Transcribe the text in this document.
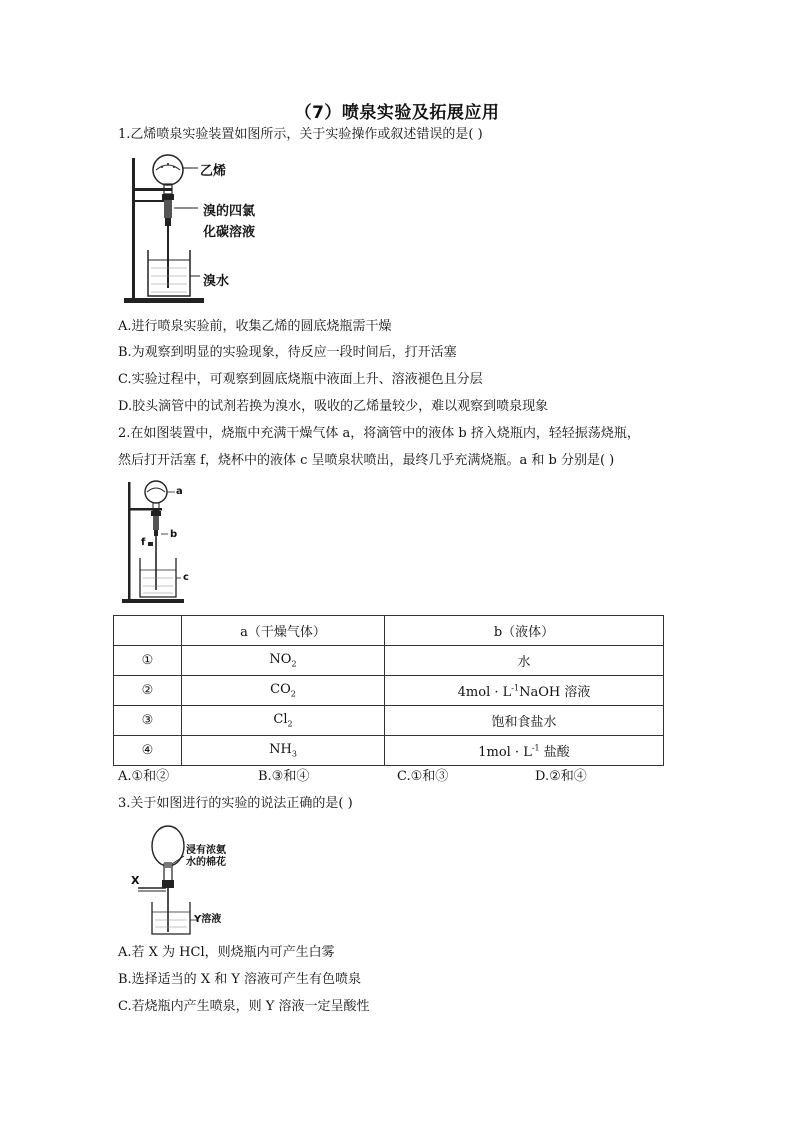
（7）喷泉实验及拓展应用
1.乙烯喷泉实验装置如图所示，关于实验操作或叙述错误的是( )
乙烯
溴的四氯
化碳溶液
溴水
A.进行喷泉实验前，收集乙烯的圆底烧瓶需干燥
B.为观察到明显的实验现象，待反应一段时间后，打开活塞
C.实验过程中，可观察到圆底烧瓶中液面上升、溶液褪色且分层
D.胶头滴管中的试剂若换为溴水，吸收的乙烯量较少，难以观察到喷泉现象
2.在如图装置中，烧瓶中充满干燥气体 a，将滴管中的液体 b 挤入烧瓶内，轻轻振荡烧瓶，
然后打开活塞 f，烧杯中的液体 c 呈喷泉状喷出，最终几乎充满烧瓶。a 和 b 分别是( )
a
b
f
c
	a（干燥气体）	b（液体）
①	$NO_2$	水
②	$CO_2$	$4mol \cdot L^{-1}NaOH$ 溶液
③	$Cl_2$	饱和食盐水
④	$NH_3$	$1mol \cdot L^{-1}$ 盐酸
A.①和②	B.③和④	C.①和③	D.②和④
3.关于如图进行的实验的说法正确的是( )
浸有浓氨
水的棉花
X
Y溶液
A.若 X 为 HCl，则烧瓶内可产生白雾
B.选择适当的 X 和 Y 溶液可产生有色喷泉
C.若烧瓶内产生喷泉，则 Y 溶液一定呈酸性
